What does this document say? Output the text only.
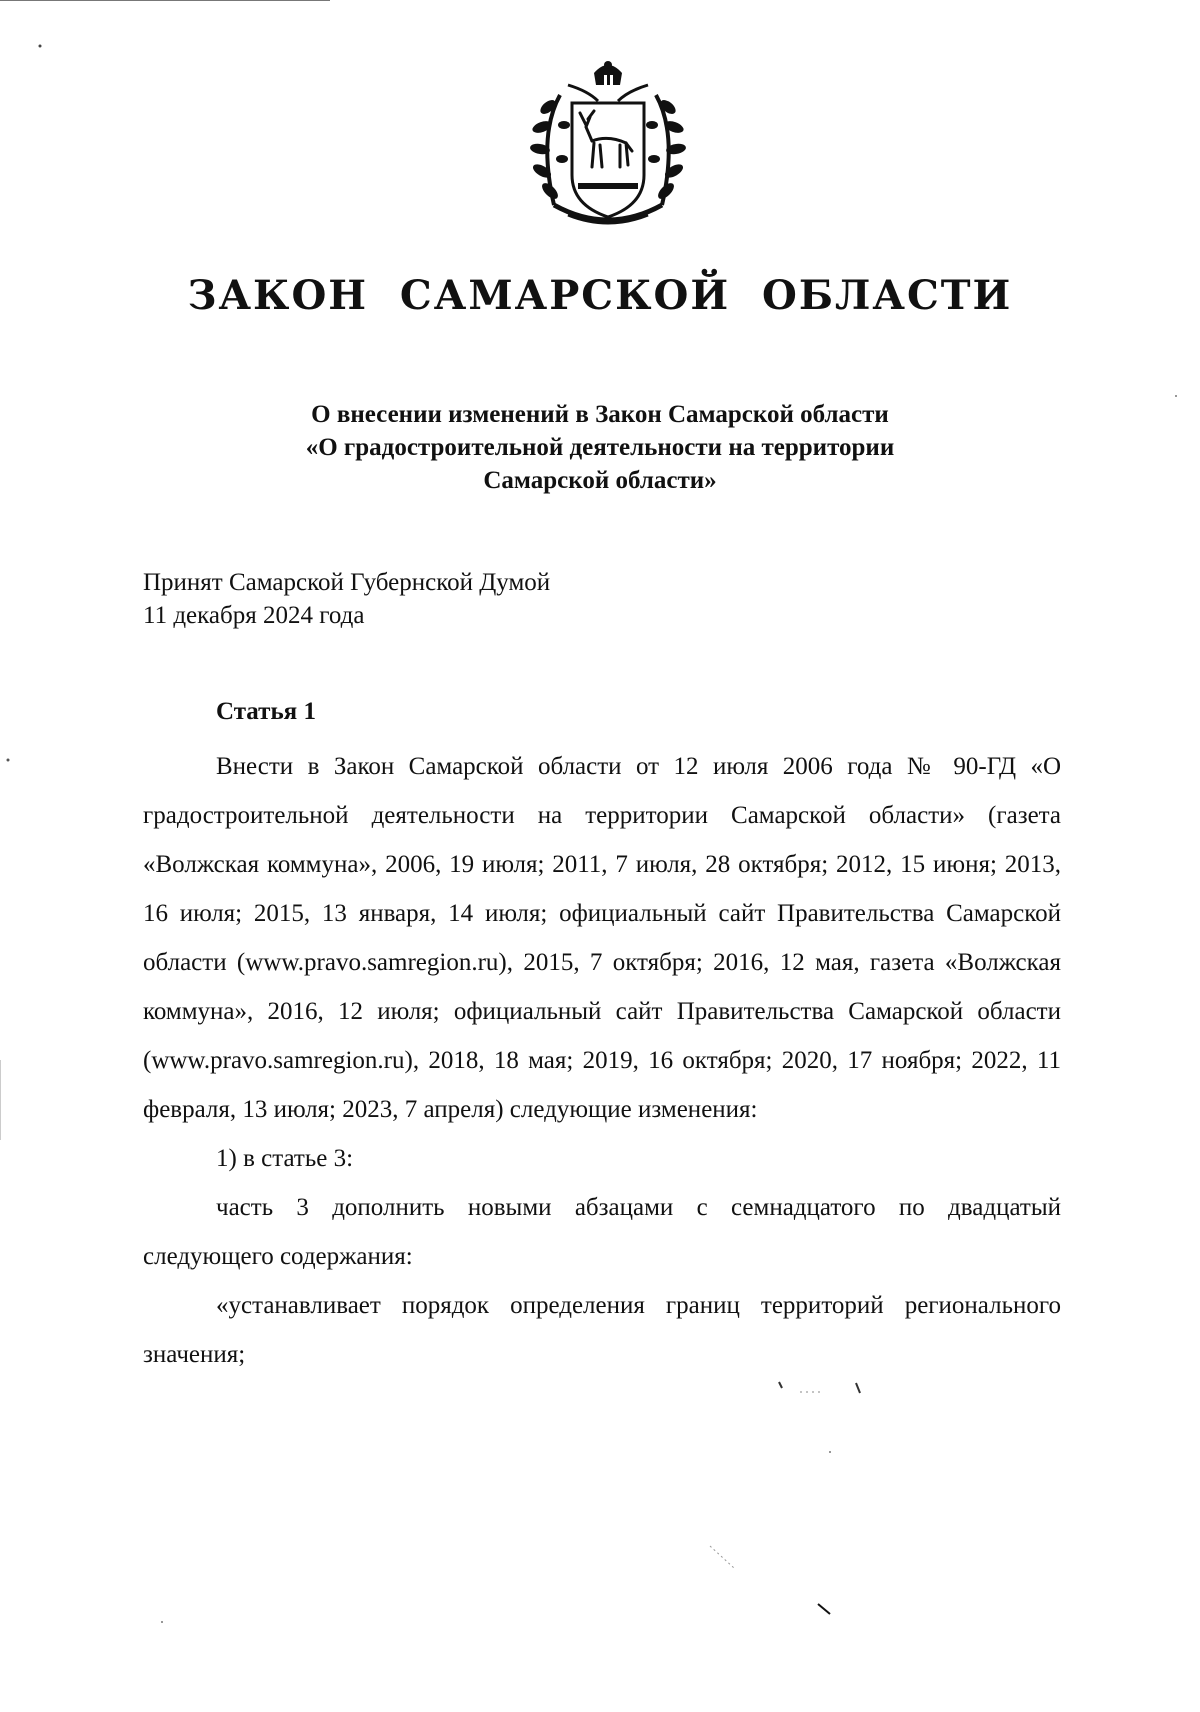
ЗАКОН  САМАРСКОЙ  ОБЛАСТИ
О внесении изменений в Закон Самарской области
«О градостроительной деятельности на территории
Самарской области»
Принят Самарской Губернской Думой
11 декабря 2024 года
Статья 1

Внести в Закон Самарской области от 12 июля 2006 года № 90-ГД «О градостроительной деятельности на территории Самарской области» (газета «Волжская коммуна», 2006, 19 июля; 2011, 7 июля, 28 октября; 2012, 15 июня; 2013, 16 июля; 2015, 13 января, 14 июля; официальный сайт Правительства Самарской области (www.pravo.samregion.ru), 2015, 7 октября; 2016, 12 мая, газета «Волжская коммуна», 2016, 12 июля; официальный сайт Правительства Самарской области (www.pravo.samregion.ru), 2018, 18 мая; 2019, 16 октября; 2020, 17 ноября; 2022, 11 февраля, 13 июля; 2023, 7 апреля) следующие изменения:

1) в статье 3:

часть 3 дополнить новыми абзацами с семнадцатого по двадцатый следующего содержания:

«устанавливает порядок определения границ территорий регионального значения;
